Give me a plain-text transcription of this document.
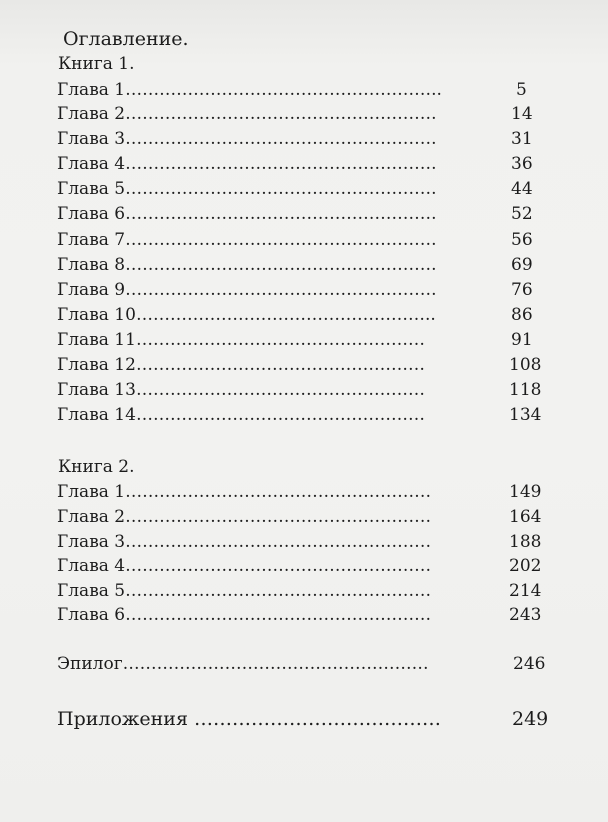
Оглавление.
Книга 1.
Глава 1………………………………………………..	5
Глава 2……………………………………………….	14
Глава 3……………………………………………….	31
Глава 4……………………………………………….	36
Глава 5……………………………………………….	44
Глава 6……………………………………………….	52
Глава 7……………………………………………….	56
Глава 8……………………………………………….	69
Глава 9……………………………………………….	76
Глава 10……………………………………………..	86
Глава 11……………………………………………	91
Глава 12……………………………………………	108
Глава 13……………………………………………	118
Глава 14……………………………………………	134
Книга 2.
Глава 1………………………………………………	149
Глава 2………………………………………………	164
Глава 3………………………………………………	188
Глава 4………………………………………………	202
Глава 5………………………………………………	214
Глава 6………………………………………………	243
Эпилог………………………………………………	246
Приложения …………………………………	249
